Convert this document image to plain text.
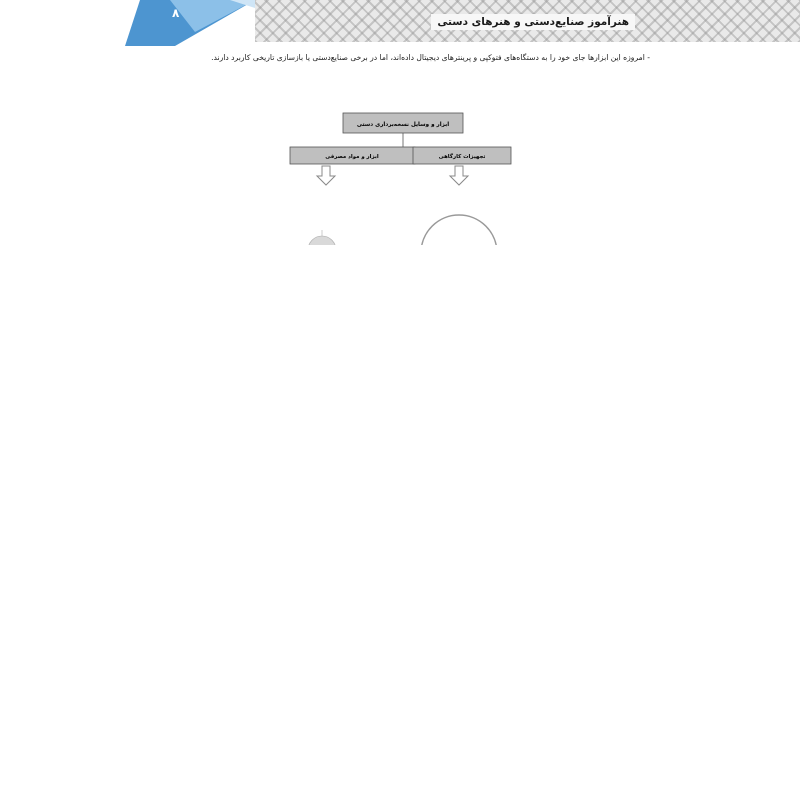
۸
هنرآموز صنایع‌دستی و هنرهای دستی

- امروزه این ابزارها جای خود را به دستگاه‌های فتوکپی و پرینترهای دیجیتال داده‌اند، اما در برخی صنایع‌دستی یا بازسازی تاریخی کاربرد دارند.

ابزار و وسایل نسخه‌برداری دستی
ابزار و مواد مصرفی	تجهیزات کارگاهی
